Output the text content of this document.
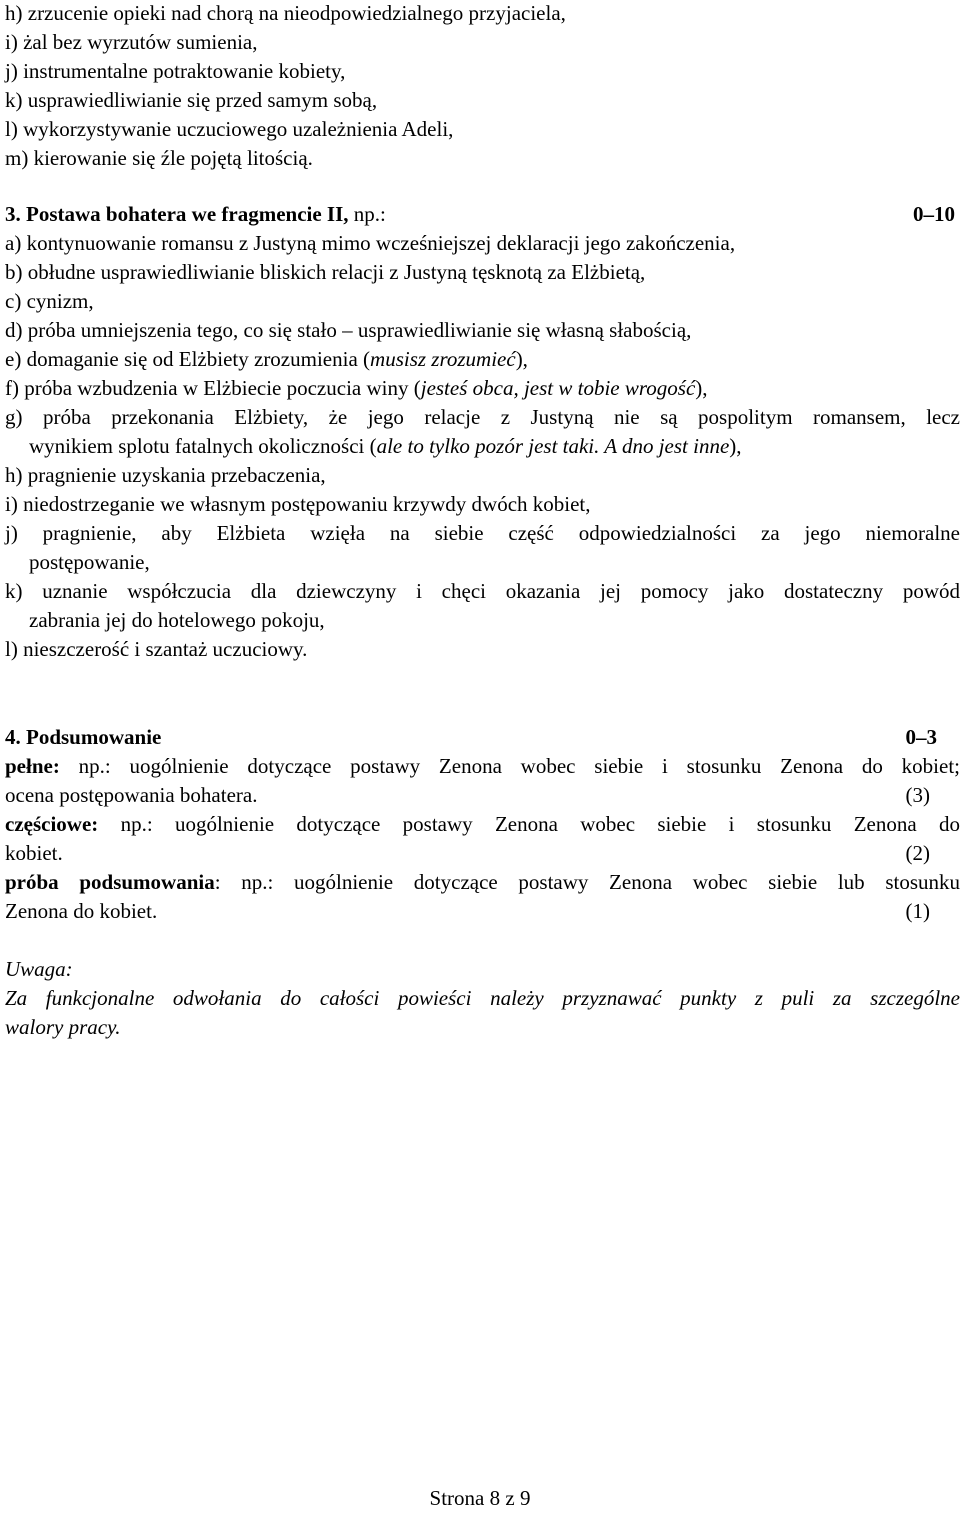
h) zrzucenie opieki nad chorą na nieodpowiedzialnego przyjaciela,
i) żal bez wyrzutów sumienia,
j) instrumentalne potraktowanie kobiety,
k) usprawiedliwianie się przed samym sobą,
l) wykorzystywanie uczuciowego uzależnienia Adeli,
m) kierowanie się źle pojętą litością.
3. Postawa bohatera we fragmencie II, np.:	0–10
a) kontynuowanie romansu z Justyną mimo wcześniejszej deklaracji jego zakończenia,
b) obłudne usprawiedliwianie bliskich relacji z Justyną tęsknotą za Elżbietą,
c) cynizm,
d) próba umniejszenia tego, co się stało – usprawiedliwianie się własną słabością,
e) domaganie się od Elżbiety zrozumienia (musisz zrozumieć),
f) próba wzbudzenia w Elżbiecie poczucia winy (jesteś obca, jest w tobie wrogość),
g) próba przekonania Elżbiety, że jego relacje z Justyną nie są pospolitym romansem, lecz
wynikiem splotu fatalnych okoliczności (ale to tylko pozór jest taki. A dno jest inne),
h) pragnienie uzyskania przebaczenia,
i) niedostrzeganie we własnym postępowaniu krzywdy dwóch kobiet,
j) pragnienie, aby Elżbieta wzięła na siebie część odpowiedzialności za jego niemoralne
postępowanie,
k) uznanie współczucia dla dziewczyny i chęci okazania jej pomocy jako dostateczny powód
zabrania jej do hotelowego pokoju,
l) nieszczerość i szantaż uczuciowy.
4. Podsumowanie	0–3
pełne: np.: uogólnienie dotyczące postawy Zenona wobec siebie i stosunku Zenona do kobiet;
ocena postępowania bohatera.	(3)
częściowe: np.: uogólnienie dotyczące postawy Zenona wobec siebie i stosunku Zenona do
kobiet.	(2)
próba podsumowania: np.: uogólnienie dotyczące postawy Zenona wobec siebie lub stosunku
Zenona do kobiet.	(1)
Uwaga:
Za funkcjonalne odwołania do całości powieści należy przyznawać punkty z puli za szczególne
walory pracy.
Strona 8 z 9
